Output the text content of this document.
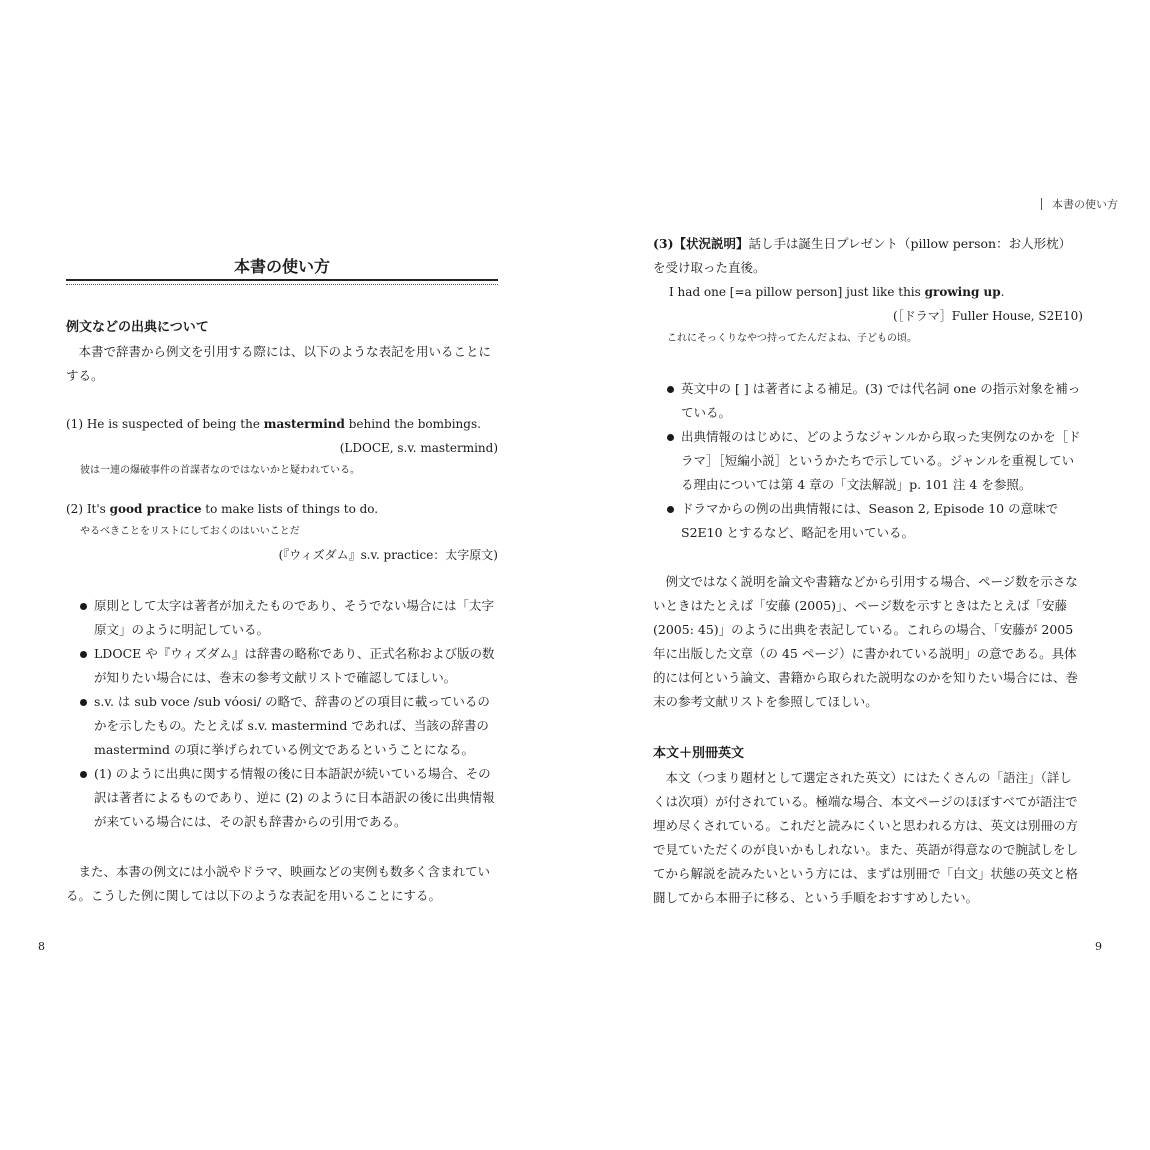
本書の使い方
例文などの出典について
本書で辞書から例文を引用する際には、以下のような表記を用いることにする。
(1) He is suspected of being the mastermind behind the bombings.
(LDOCE, s.v. mastermind)
彼は一連の爆破事件の首謀者なのではないかと疑われている。
(2) It's good practice to make lists of things to do.
やるべきことをリストにしておくのはいいことだ
(『ウィズダム』s.v. practice：太字原文)
原則として太字は著者が加えたものであり、そうでない場合には「太字原文」のように明記している。
LDOCE や『ウィズダム』は辞書の略称であり、正式名称および版の数が知りたい場合には、巻末の参考文献リストで確認してほしい。
s.v. は sub voce /sub vóosi/ の略で、辞書のどの項目に載っているのかを示したもの。たとえば s.v. mastermind であれば、当該の辞書の mastermind の項に挙げられている例文であるということになる。
(1) のように出典に関する情報の後に日本語訳が続いている場合、その訳は著者によるものであり、逆に (2) のように日本語訳の後に出典情報が来ている場合には、その訳も辞書からの引用である。
また、本書の例文には小説やドラマ、映画などの実例も数多く含まれている。こうした例に関しては以下のような表記を用いることにする。
8
本書の使い方
(3)【状況説明】話し手は誕生日プレゼント（pillow person：お人形枕）を受け取った直後。
I had one [=a pillow person] just like this growing up.
(［ドラマ］Fuller House, S2E10)
これにそっくりなやつ持ってたんだよね、子どもの頃。
英文中の [ ] は著者による補足。(3) では代名詞 one の指示対象を補っている。
出典情報のはじめに、どのようなジャンルから取った実例なのかを［ドラマ］［短編小説］というかたちで示している。ジャンルを重視している理由については第 4 章の「文法解説」p. 101 注 4 を参照。
ドラマからの例の出典情報には、Season 2, Episode 10 の意味で S2E10 とするなど、略記を用いている。
例文ではなく説明を論文や書籍などから引用する場合、ページ数を示さないときはたとえば「安藤 (2005)」、ページ数を示すときはたとえば「安藤 (2005: 45)」のように出典を表記している。これらの場合、「安藤が 2005 年に出版した文章（の 45 ページ）に書かれている説明」の意である。具体的には何という論文、書籍から取られた説明なのかを知りたい場合には、巻末の参考文献リストを参照してほしい。
本文＋別冊英文
本文（つまり題材として選定された英文）にはたくさんの「語注」（詳しくは次項）が付されている。極端な場合、本文ページのほぼすべてが語注で埋め尽くされている。これだと読みにくいと思われる方は、英文は別冊の方で見ていただくのが良いかもしれない。また、英語が得意なので腕試しをしてから解説を読みたいという方には、まずは別冊で「白文」状態の英文と格闘してから本冊子に移る、という手順をおすすめしたい。
9
